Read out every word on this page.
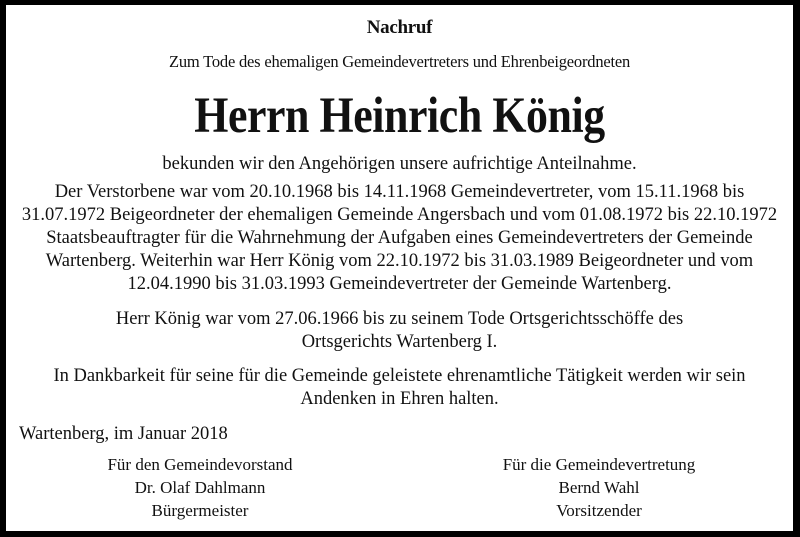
Nachruf
Zum Tode des ehemaligen Gemeindevertreters und Ehrenbeigeordneten
Herrn Heinrich König
bekunden wir den Angehörigen unsere aufrichtige Anteilnahme.
Der Verstorbene war vom 20.10.1968 bis 14.11.1968 Gemeindevertreter, vom 15.11.1968 bis
31.07.1972 Beigeordneter der ehemaligen Gemeinde Angersbach und vom 01.08.1972 bis 22.10.1972
Staatsbeauftragter für die Wahrnehmung der Aufgaben eines Gemeindevertreters der Gemeinde
Wartenberg. Weiterhin war Herr König vom 22.10.1972 bis 31.03.1989 Beigeordneter und vom
12.04.1990 bis 31.03.1993 Gemeindevertreter der Gemeinde Wartenberg.
Herr König war vom 27.06.1966 bis zu seinem Tode Ortsgerichtsschöffe des
Ortsgerichts Wartenberg I.
In Dankbarkeit für seine für die Gemeinde geleistete ehrenamtliche Tätigkeit werden wir sein
Andenken in Ehren halten.
Wartenberg, im Januar 2018
Für den Gemeindevorstand
Dr. Olaf Dahlmann
Bürgermeister
Für die Gemeindevertretung
Bernd Wahl
Vorsitzender
